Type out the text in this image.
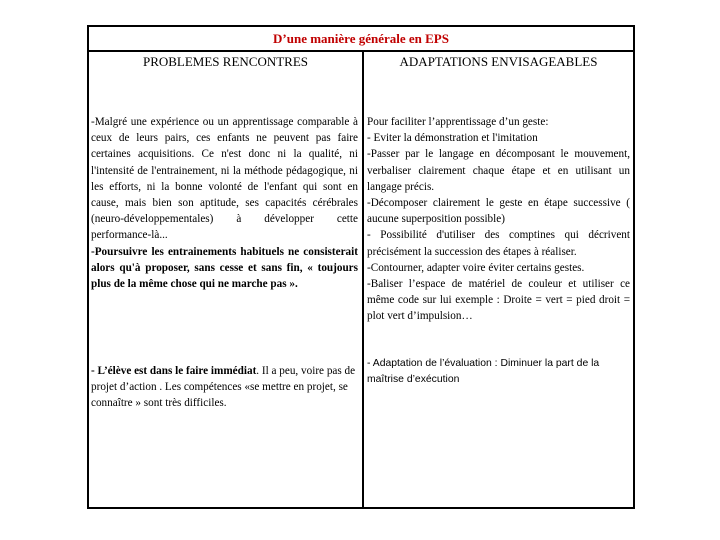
D’une manière générale en EPS
PROBLEMES RENCONTRES

-Malgré une expérience ou un apprentissage comparable à ceux de leurs pairs, ces enfants ne peuvent pas faire certaines acquisitions. Ce n'est donc ni la qualité, ni l'intensité de l'entrainement, ni la méthode pédagogique, ni les efforts, ni la bonne volonté de l'enfant qui sont en cause, mais bien son aptitude, ses capacités cérébrales (neuro-développementales) à développer cette performance-là...

-Poursuivre les entrainements habituels ne consisterait alors qu'à proposer, sans cesse et sans fin, « toujours plus de la même chose qui ne marche pas ».

- L’élève est dans le faire immédiat. Il a peu, voire pas de projet d’action . Les compétences «se mettre en projet, se connaître » sont très difficiles.

ADAPTATIONS ENVISAGEABLES

Pour faciliter l’apprentissage d’un geste:

- Eviter la démonstration et l'imitation

-Passer par le langage en décomposant le mouvement, verbaliser clairement chaque étape et en utilisant un langage précis.

-Décomposer clairement le geste en étape successive ( aucune superposition possible)

- Possibilité d'utiliser des comptines qui décrivent précisément la succession des étapes à réaliser.

-Contourner, adapter voire éviter certains gestes.

-Baliser l’espace de matériel de couleur et utiliser ce même code sur lui exemple : Droite = vert = pied droit = plot vert d’impulsion…

- Adaptation de l’évaluation : Diminuer la part de la maîtrise d’exécution
